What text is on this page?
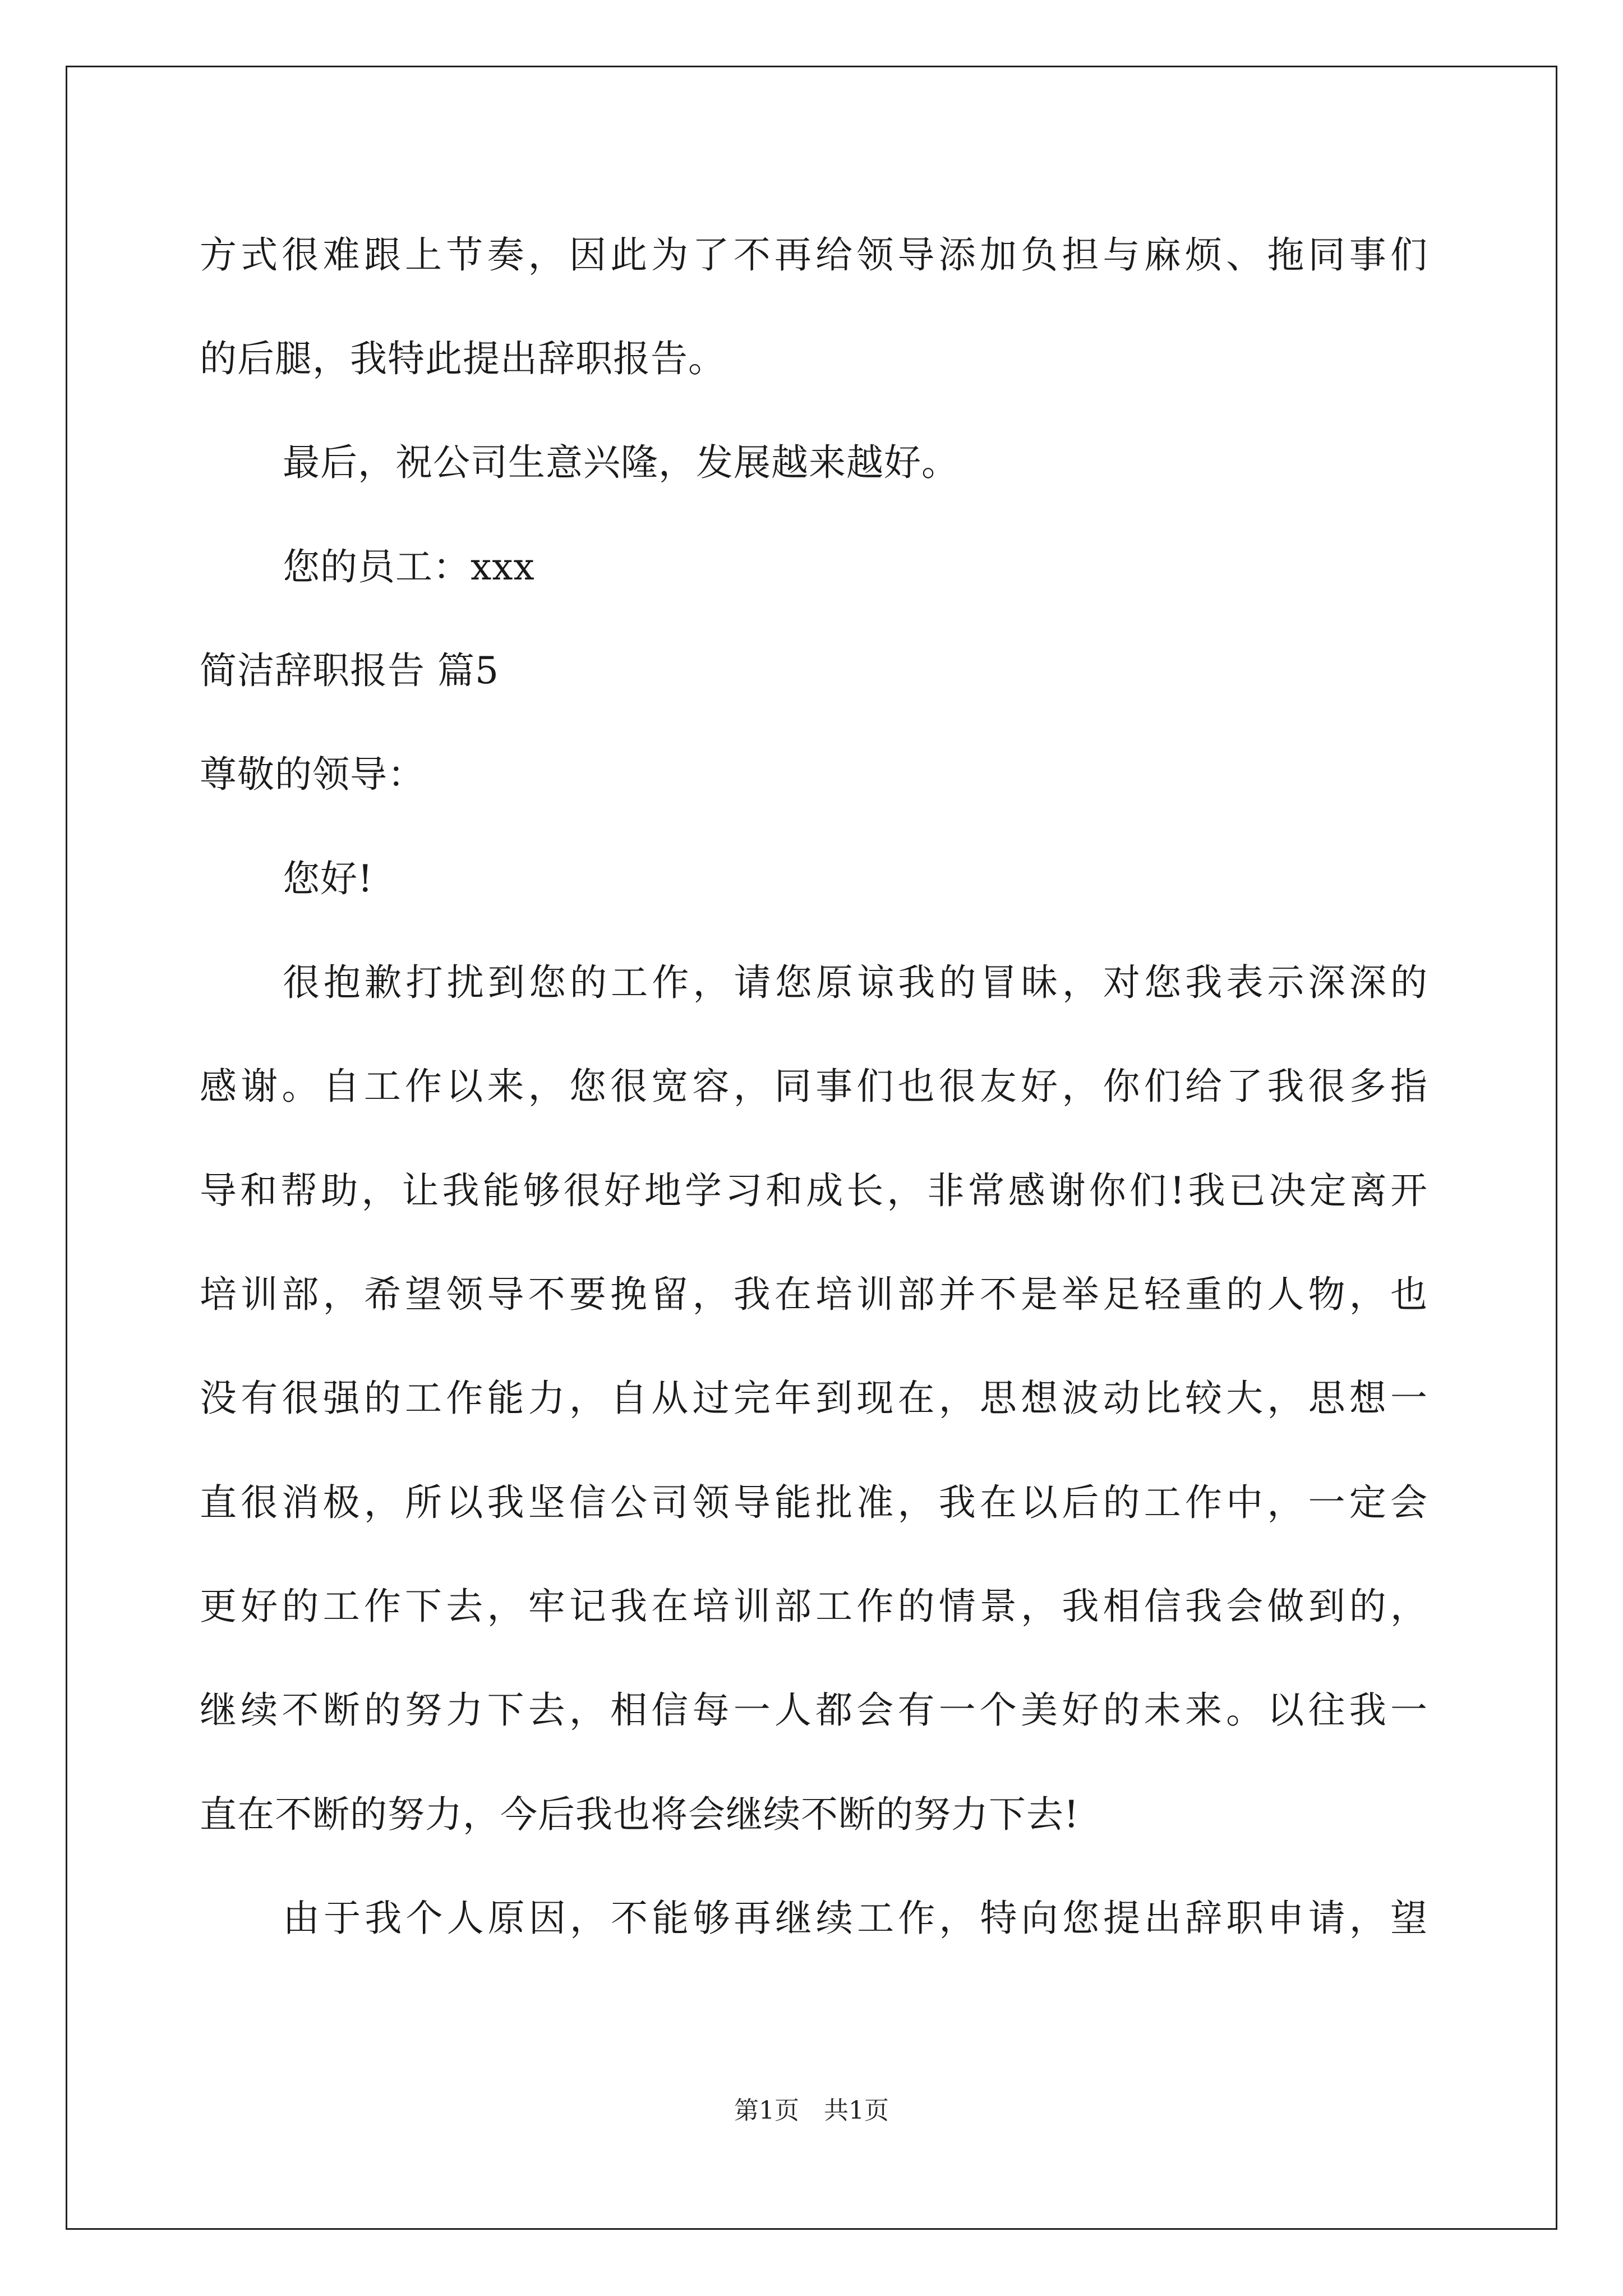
方式很难跟上节奏，因此为了不再给领导添加负担与麻烦、拖同事们
的后腿，我特此提出辞职报告。
最后，祝公司生意兴隆，发展越来越好。
您的员工：xxx
简洁辞职报告 篇5
尊敬的领导：
您好!
很抱歉打扰到您的工作，请您原谅我的冒昧，对您我表示深深的
感谢。自工作以来，您很宽容，同事们也很友好，你们给了我很多指
导和帮助，让我能够很好地学习和成长，非常感谢你们!我已决定离开
培训部，希望领导不要挽留，我在培训部并不是举足轻重的人物，也
没有很强的工作能力，自从过完年到现在，思想波动比较大，思想一
直很消极，所以我坚信公司领导能批准，我在以后的工作中，一定会
更好的工作下去，牢记我在培训部工作的情景，我相信我会做到的，
继续不断的努力下去，相信每一人都会有一个美好的未来。以往我一
直在不断的努力，今后我也将会继续不断的努力下去!
由于我个人原因，不能够再继续工作，特向您提出辞职申请，望
第1页　共1页
